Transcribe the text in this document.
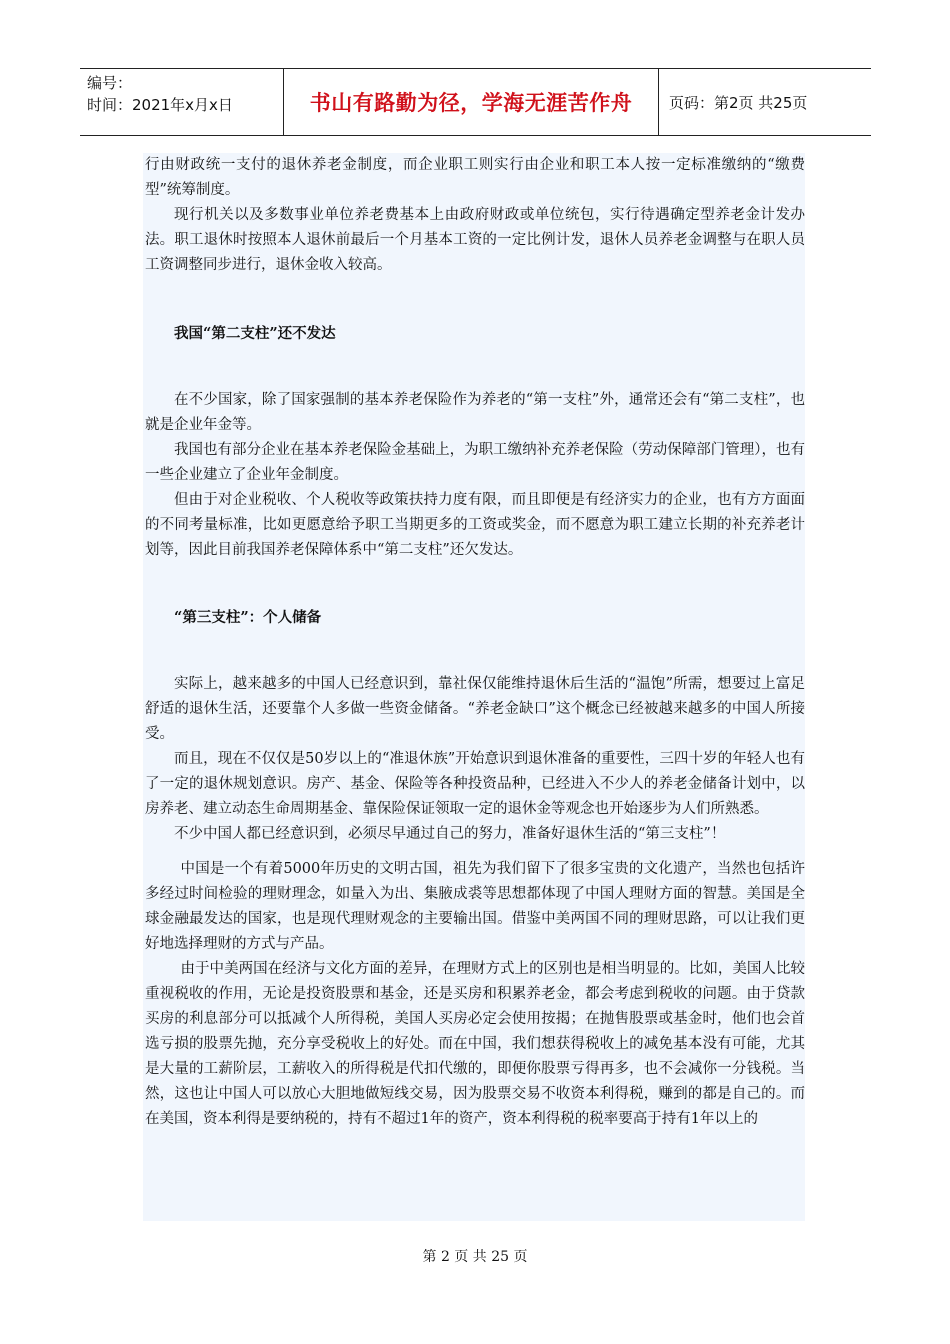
编号：
时间：2021年x月x日	书山有路勤为径，学海无涯苦作舟	页码：第2页 共25页

行由财政统一支付的退休养老金制度，而企业职工则实行由企业和职工本人按一定标准缴纳的“缴费型”统筹制度。

现行机关以及多数事业单位养老费基本上由政府财政或单位统包，实行待遇确定型养老金计发办法。职工退休时按照本人退休前最后一个月基本工资的一定比例计发，退休人员养老金调整与在职人员工资调整同步进行，退休金收入较高。

我国“第二支柱”还不发达

在不少国家，除了国家强制的基本养老保险作为养老的“第一支柱”外，通常还会有“第二支柱”，也就是企业年金等。

我国也有部分企业在基本养老保险金基础上，为职工缴纳补充养老保险（劳动保障部门管理），也有一些企业建立了企业年金制度。

但由于对企业税收、个人税收等政策扶持力度有限，而且即便是有经济实力的企业，也有方方面面的不同考量标准，比如更愿意给予职工当期更多的工资或奖金，而不愿意为职工建立长期的补充养老计划等，因此目前我国养老保障体系中“第二支柱”还欠发达。

“第三支柱”：个人储备

实际上，越来越多的中国人已经意识到，靠社保仅能维持退休后生活的“温饱”所需，想要过上富足舒适的退休生活，还要靠个人多做一些资金储备。“养老金缺口”这个概念已经被越来越多的中国人所接受。

而且，现在不仅仅是50岁以上的“准退休族”开始意识到退休准备的重要性，三四十岁的年轻人也有了一定的退休规划意识。房产、基金、保险等各种投资品种，已经进入不少人的养老金储备计划中，以房养老、建立动态生命周期基金、靠保险保证领取一定的退休金等观念也开始逐步为人们所熟悉。

不少中国人都已经意识到，必须尽早通过自己的努力，准备好退休生活的“第三支柱”！

中国是一个有着5000年历史的文明古国，祖先为我们留下了很多宝贵的文化遗产，当然也包括许多经过时间检验的理财理念，如量入为出、集腋成裘等思想都体现了中国人理财方面的智慧。美国是全球金融最发达的国家，也是现代理财观念的主要输出国。借鉴中美两国不同的理财思路，可以让我们更好地选择理财的方式与产品。

由于中美两国在经济与文化方面的差异，在理财方式上的区别也是相当明显的。比如，美国人比较重视税收的作用，无论是投资股票和基金，还是买房和积累养老金，都会考虑到税收的问题。由于贷款买房的利息部分可以抵减个人所得税，美国人买房必定会使用按揭；在抛售股票或基金时，他们也会首选亏损的股票先抛，充分享受税收上的好处。而在中国，我们想获得税收上的减免基本没有可能，尤其是大量的工薪阶层，工薪收入的所得税是代扣代缴的，即便你股票亏得再多，也不会减你一分钱税。当然，这也让中国人可以放心大胆地做短线交易，因为股票交易不收资本利得税，赚到的都是自己的。而在美国，资本利得是要纳税的，持有不超过1年的资产，资本利得税的税率要高于持有1年以上的

第 2 页 共 25 页
